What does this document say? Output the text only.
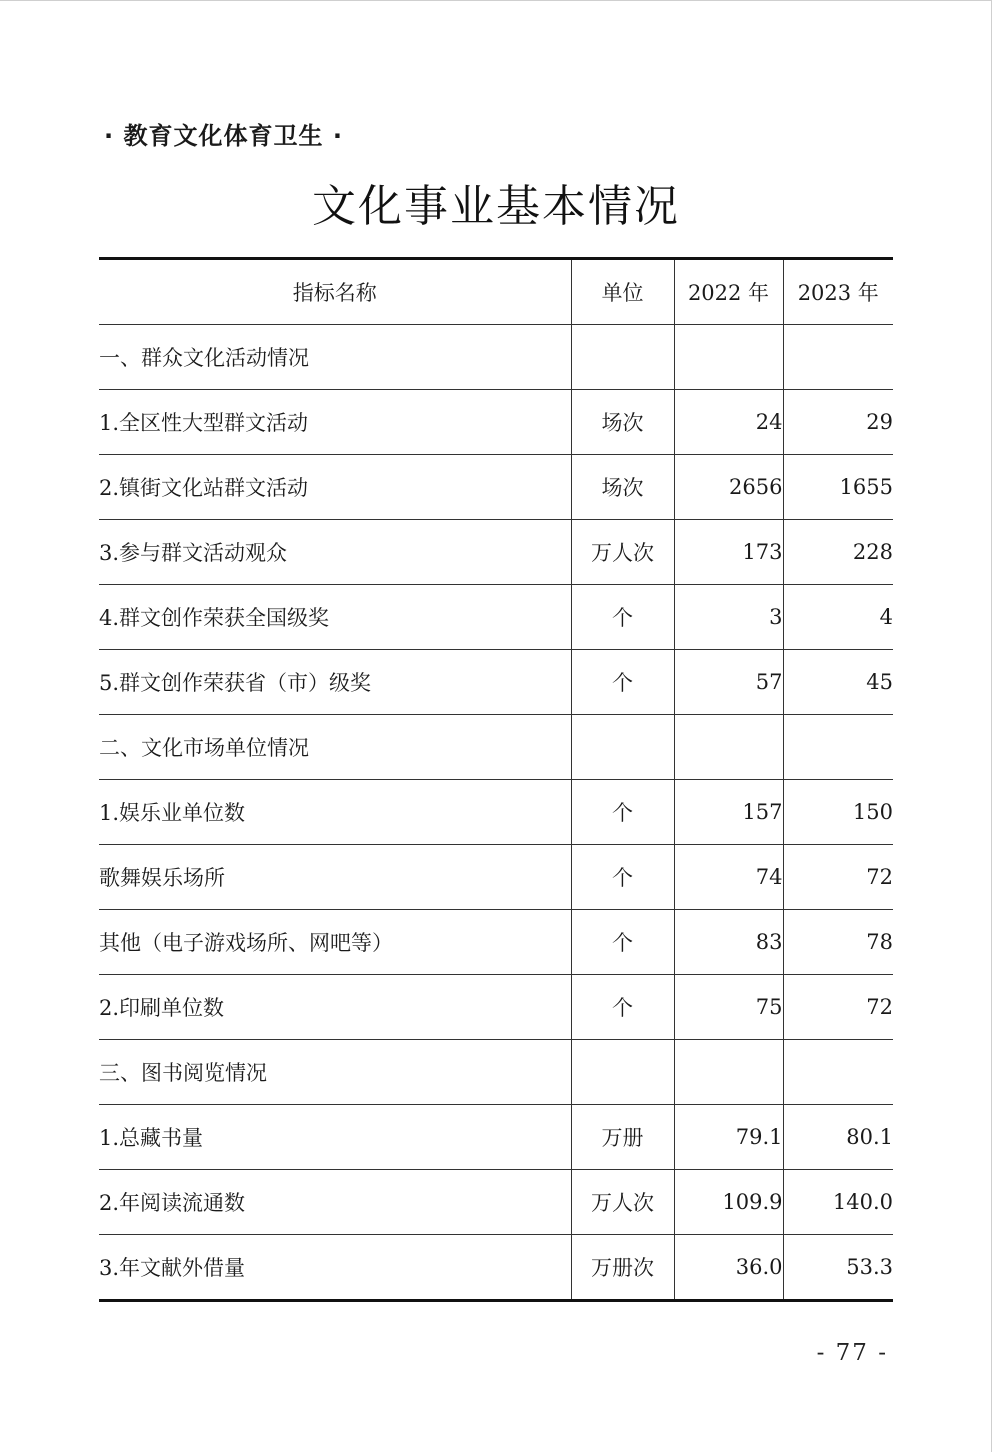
· 教育文化体育卫生 ·
文化事业基本情况
指标名称	单位	2022 年	2023 年
一、群众文化活动情况			
1.全区性大型群文活动	场次	24	29
2.镇街文化站群文活动	场次	2656	1655
3.参与群文活动观众	万人次	173	228
4.群文创作荣获全国级奖	个	3	4
5.群文创作荣获省（市）级奖	个	57	45
二、文化市场单位情况			
1.娱乐业单位数	个	157	150
歌舞娱乐场所	个	74	72
其他（电子游戏场所、网吧等）	个	83	78
2.印刷单位数	个	75	72
三、图书阅览情况			
1.总藏书量	万册	79.1	80.1
2.年阅读流通数	万人次	109.9	140.0
3.年文献外借量	万册次	36.0	53.3
- 77 -
